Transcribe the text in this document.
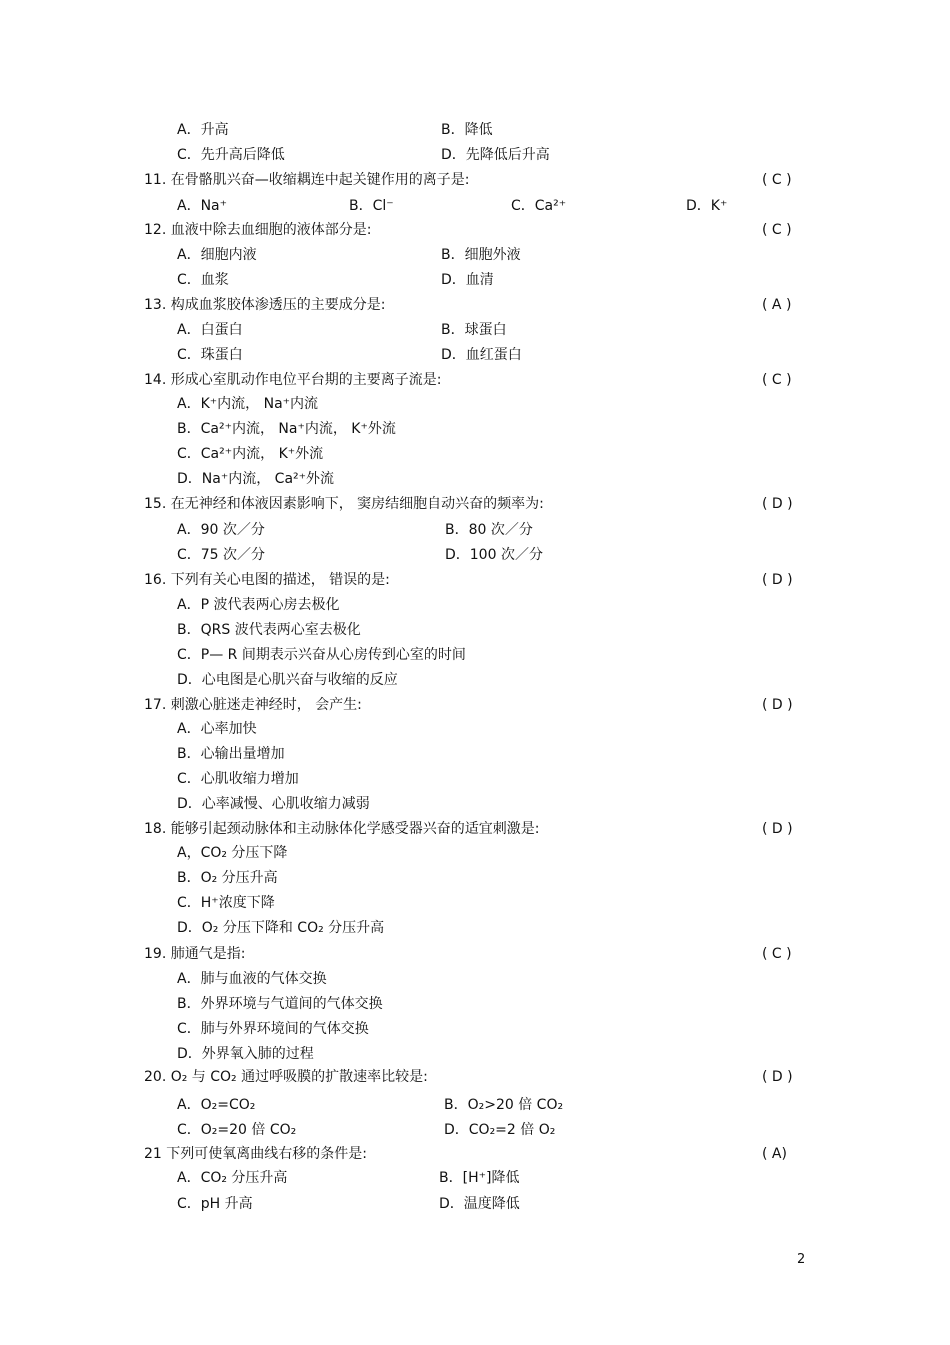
2
A．升高	B．降低
C．先升高后降低	D．先降低后升高
11. 在骨骼肌兴奋—收缩耦连中起关键作用的离子是:	( C )
A．Na⁺	B．Cl⁻	C．Ca²⁺	D．K⁺
12. 血液中除去血细胞的液体部分是:	( C )
A．细胞内液	B．细胞外液
C．血浆	D．血清
13. 构成血浆胶体渗透压的主要成分是:	( A )
A．白蛋白	B．球蛋白
C．珠蛋白	D．血红蛋白
14. 形成心室肌动作电位平台期的主要离子流是:	( C )
A．K⁺内流， Na⁺内流
B．Ca²⁺内流， Na⁺内流， K⁺外流
C．Ca²⁺内流， K⁺外流
D．Na⁺内流， Ca²⁺外流
15. 在无神经和体液因素影响下， 窦房结细胞自动兴奋的频率为:	( D )
A．90 次／分	B．80 次／分
C．75 次／分	D．100 次／分
16. 下列有关心电图的描述， 错误的是:	( D )
A．P 波代表两心房去极化
B．QRS 波代表两心室去极化
C．P— R 间期表示兴奋从心房传到心室的时间
D．心电图是心肌兴奋与收缩的反应
17. 刺激心脏迷走神经时， 会产生:	( D )
A．心率加快
B．心输出量增加
C．心肌收缩力增加
D．心率减慢、心肌收缩力减弱
18. 能够引起颈动脉体和主动脉体化学感受器兴奋的适宜刺激是:	( D )
A，CO₂ 分压下降
B．O₂ 分压升高
C．H⁺浓度下降
D．O₂ 分压下降和 CO₂ 分压升高
19. 肺通气是指:	( C )
A．肺与血液的气体交换
B．外界环境与气道间的气体交换
C．肺与外界环境间的气体交换
D．外界氧入肺的过程
20. O₂ 与 CO₂ 通过呼吸膜的扩散速率比较是:	( D )
A．O₂=CO₂	B．O₂>20 倍 CO₂
C．O₂=20 倍 CO₂	D．CO₂=2 倍 O₂
21 下列可使氧离曲线右移的条件是:	( A)
A．CO₂ 分压升高	B．[H⁺]降低
C．pH 升高	D．温度降低
